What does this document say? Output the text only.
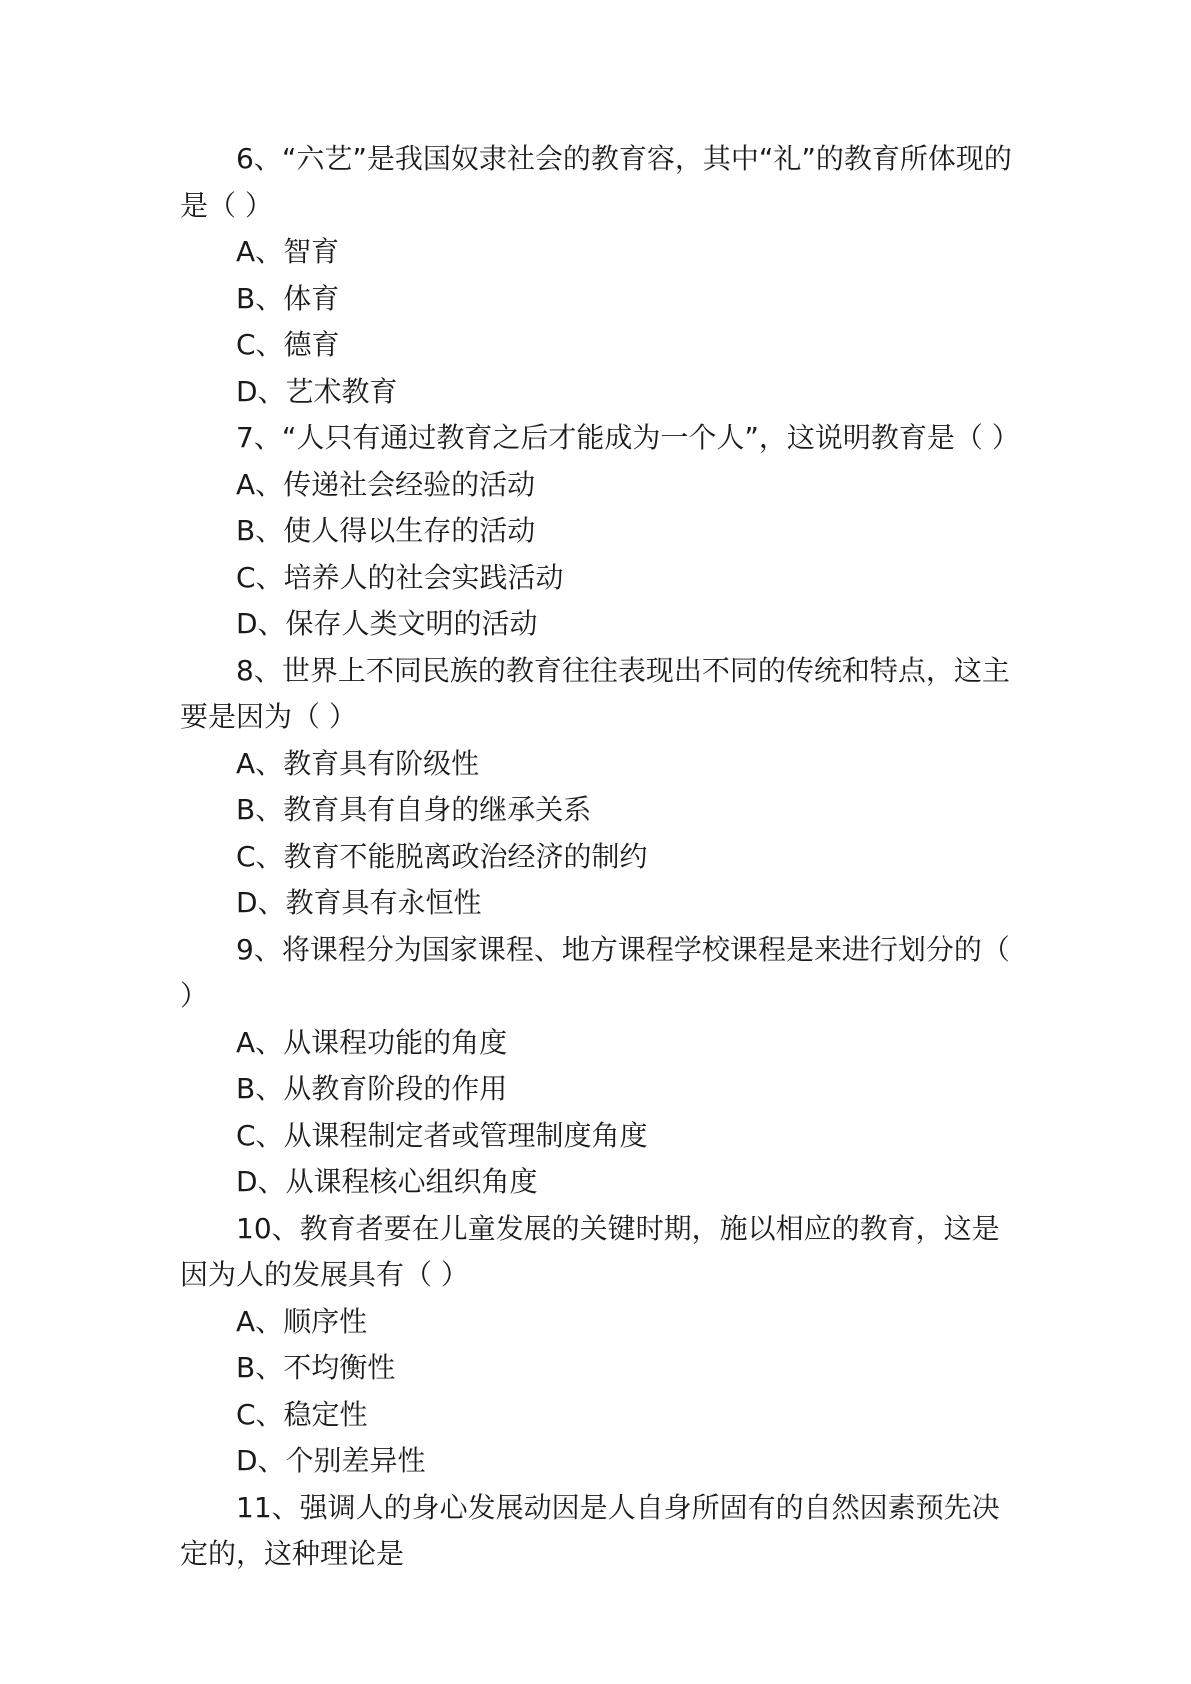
6、“六艺”是我国奴隶社会的教育容，其中“礼”的教育所体现的是（ ）

A、智育

B、体育

C、德育

D、艺术教育

7、“人只有通过教育之后才能成为一个人”，这说明教育是（ ）

A、传递社会经验的活动

B、使人得以生存的活动

C、培养人的社会实践活动

D、保存人类文明的活动

8、世界上不同民族的教育往往表现出不同的传统和特点，这主要是因为（ ）

A、教育具有阶级性

B、教育具有自身的继承关系

C、教育不能脱离政治经济的制约

D、教育具有永恒性

9、将课程分为国家课程、地方课程学校课程是来进行划分的（ ）

A、从课程功能的角度

B、从教育阶段的作用

C、从课程制定者或管理制度角度

D、从课程核心组织角度

10、教育者要在儿童发展的关键时期，施以相应的教育，这是因为人的发展具有（ ）

A、顺序性

B、不均衡性

C、稳定性

D、个别差异性

11、强调人的身心发展动因是人自身所固有的自然因素预先决定的，这种理论是
